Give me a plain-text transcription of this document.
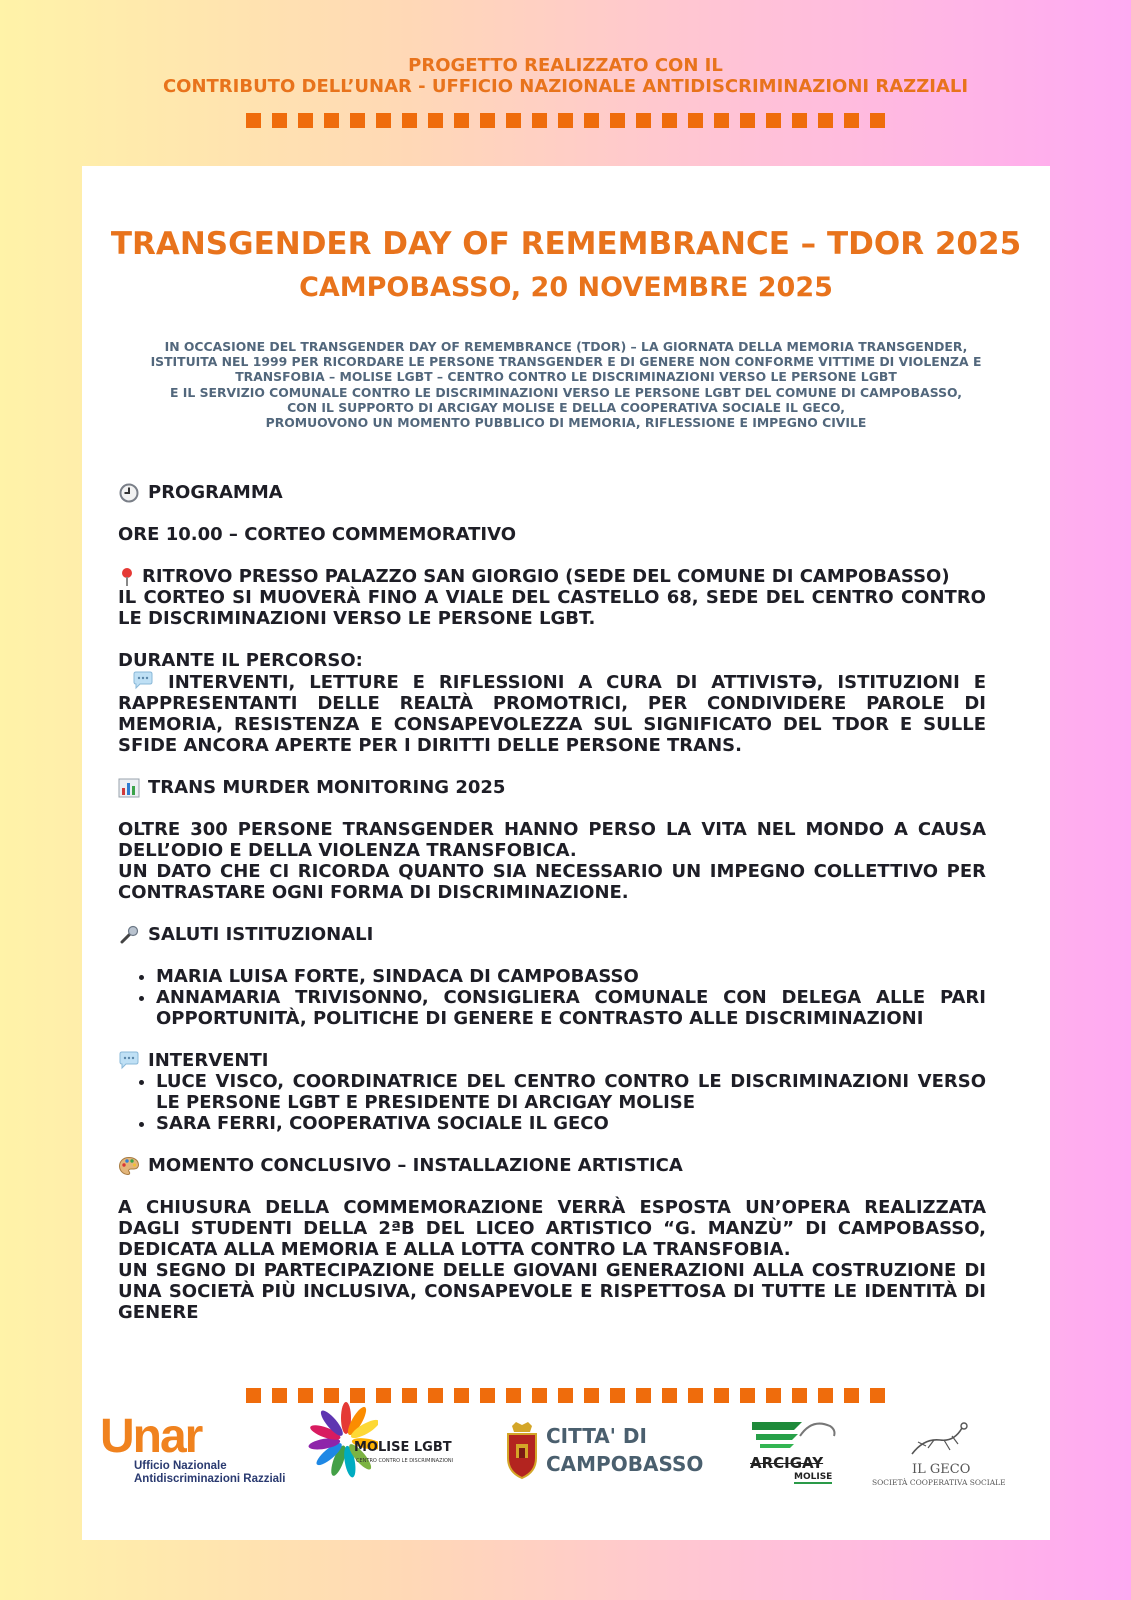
PROGETTO REALIZZATO CON IL
CONTRIBUTO DELL’UNAR - UFFICIO NAZIONALE ANTIDISCRIMINAZIONI RAZZIALI
TRANSGENDER DAY OF REMEMBRANCE – TDOR 2025
CAMPOBASSO, 20 NOVEMBRE 2025
IN OCCASIONE DEL TRANSGENDER DAY OF REMEMBRANCE (TDOR) – LA GIORNATA DELLA MEMORIA TRANSGENDER,
ISTITUITA NEL 1999 PER RICORDARE LE PERSONE TRANSGENDER E DI GENERE NON CONFORME VITTIME DI VIOLENZA E
TRANSFOBIA – MOLISE LGBT – CENTRO CONTRO LE DISCRIMINAZIONI VERSO LE PERSONE LGBT
E IL SERVIZIO COMUNALE CONTRO LE DISCRIMINAZIONI VERSO LE PERSONE LGBT DEL COMUNE DI CAMPOBASSO,
CON IL SUPPORTO DI ARCIGAY MOLISE E DELLA COOPERATIVA SOCIALE IL GECO,
PROMUOVONO UN MOMENTO PUBBLICO DI MEMORIA, RIFLESSIONE E IMPEGNO CIVILE
PROGRAMMA

ORE 10.00 – CORTEO COMMEMORATIVO

RITROVO PRESSO PALAZZO SAN GIORGIO (SEDE DEL COMUNE DI CAMPOBASSO)

IL CORTEO SI MUOVERÀ FINO A VIALE DEL CASTELLO 68, SEDE DEL CENTRO CONTRO LE DISCRIMINAZIONI VERSO LE PERSONE LGBT.

DURANTE IL PERCORSO:

INTERVENTI, LETTURE E RIFLESSIONI A CURA DI ATTIVISTƏ, ISTITUZIONI E RAPPRESENTANTI DELLE REALTÀ PROMOTRICI, PER CONDIVIDERE PAROLE DI MEMORIA, RESISTENZA E CONSAPEVOLEZZA SUL SIGNIFICATO DEL TDOR E SULLE SFIDE ANCORA APERTE PER I DIRITTI DELLE PERSONE TRANS.

TRANS MURDER MONITORING 2025

OLTRE 300 PERSONE TRANSGENDER HANNO PERSO LA VITA NEL MONDO A CAUSA DELL’ODIO E DELLA VIOLENZA TRANSFOBICA.

UN DATO CHE CI RICORDA QUANTO SIA NECESSARIO UN IMPEGNO COLLETTIVO PER CONTRASTARE OGNI FORMA DI DISCRIMINAZIONE.

SALUTI ISTITUZIONALI
• MARIA LUISA FORTE, SINDACA DI CAMPOBASSO
• ANNAMARIA TRIVISONNO, CONSIGLIERA COMUNALE CON DELEGA ALLE PARI OPPORTUNITÀ, POLITICHE DI GENERE E CONTRASTO ALLE DISCRIMINAZIONI
INTERVENTI
• LUCE VISCO, COORDINATRICE DEL CENTRO CONTRO LE DISCRIMINAZIONI VERSO LE PERSONE LGBT E PRESIDENTE DI ARCIGAY MOLISE
• SARA FERRI, COOPERATIVA SOCIALE IL GECO
MOMENTO CONCLUSIVO – INSTALLAZIONE ARTISTICA

A CHIUSURA DELLA COMMEMORAZIONE VERRÀ ESPOSTA UN’OPERA REALIZZATA DAGLI STUDENTI DELLA 2ªB DEL LICEO ARTISTICO “G. MANZÙ” DI CAMPOBASSO, DEDICATA ALLA MEMORIA E ALLA LOTTA CONTRO LA TRANSFOBIA.

UN SEGNO DI PARTECIPAZIONE DELLE GIOVANI GENERAZIONI ALLA COSTRUZIONE DI UNA SOCIETÀ PIÙ INCLUSIVA, CONSAPEVOLE E RISPETTOSA DI TUTTE LE IDENTITÀ DI GENERE

Unar
Ufficio Nazionale
Antidiscriminazioni Razziali
MOLISE LGBT
CENTRO CONTRO LE DISCRIMINAZIONI
CITTA' DI
CAMPOBASSO	ARCIGAY
MOLISE	IL GECO
SOCIETÀ COOPERATIVA SOCIALE
